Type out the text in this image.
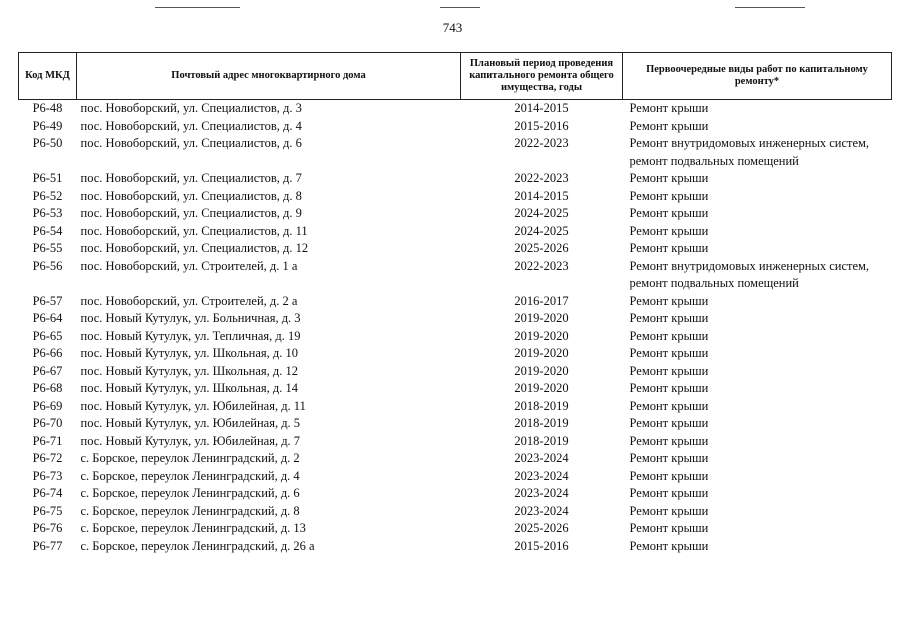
743
Код МКД	Почтовый адрес многоквартирного дома	Плановый период проведения капитального ремонта общего имущества, годы	Первоочередные виды работ по капитальному ремонту*
Р6-48	пос. Новоборский, ул. Специалистов, д. 3	2014-2015	Ремонт крыши
Р6-49	пос. Новоборский, ул. Специалистов, д. 4	2015-2016	Ремонт крыши
Р6-50	пос. Новоборский, ул. Специалистов, д. 6	2022-2023	Ремонт внутридомовых инженерных систем, ремонт подвальных помещений
Р6-51	пос. Новоборский, ул. Специалистов, д. 7	2022-2023	Ремонт крыши
Р6-52	пос. Новоборский, ул. Специалистов, д. 8	2014-2015	Ремонт крыши
Р6-53	пос. Новоборский, ул. Специалистов, д. 9	2024-2025	Ремонт крыши
Р6-54	пос. Новоборский, ул. Специалистов, д. 11	2024-2025	Ремонт крыши
Р6-55	пос. Новоборский, ул. Специалистов, д. 12	2025-2026	Ремонт крыши
Р6-56	пос. Новоборский, ул. Строителей, д. 1 а	2022-2023	Ремонт внутридомовых инженерных систем, ремонт подвальных помещений
Р6-57	пос. Новоборский, ул. Строителей, д. 2 а	2016-2017	Ремонт крыши
Р6-64	пос. Новый Кутулук, ул. Больничная, д. 3	2019-2020	Ремонт крыши
Р6-65	пос. Новый Кутулук, ул. Тепличная, д. 19	2019-2020	Ремонт крыши
Р6-66	пос. Новый Кутулук, ул. Школьная, д. 10	2019-2020	Ремонт крыши
Р6-67	пос. Новый Кутулук, ул. Школьная, д. 12	2019-2020	Ремонт крыши
Р6-68	пос. Новый Кутулук, ул. Школьная, д. 14	2019-2020	Ремонт крыши
Р6-69	пос. Новый Кутулук, ул. Юбилейная, д. 11	2018-2019	Ремонт крыши
Р6-70	пос. Новый Кутулук, ул. Юбилейная, д. 5	2018-2019	Ремонт крыши
Р6-71	пос. Новый Кутулук, ул. Юбилейная, д. 7	2018-2019	Ремонт крыши
Р6-72	с. Борское, переулок Ленинградский, д. 2	2023-2024	Ремонт крыши
Р6-73	с. Борское, переулок Ленинградский, д. 4	2023-2024	Ремонт крыши
Р6-74	с. Борское, переулок Ленинградский, д. 6	2023-2024	Ремонт крыши
Р6-75	с. Борское, переулок Ленинградский, д. 8	2023-2024	Ремонт крыши
Р6-76	с. Борское, переулок Ленинградский, д. 13	2025-2026	Ремонт крыши
Р6-77	с. Борское, переулок Ленинградский, д. 26 а	2015-2016	Ремонт крыши
